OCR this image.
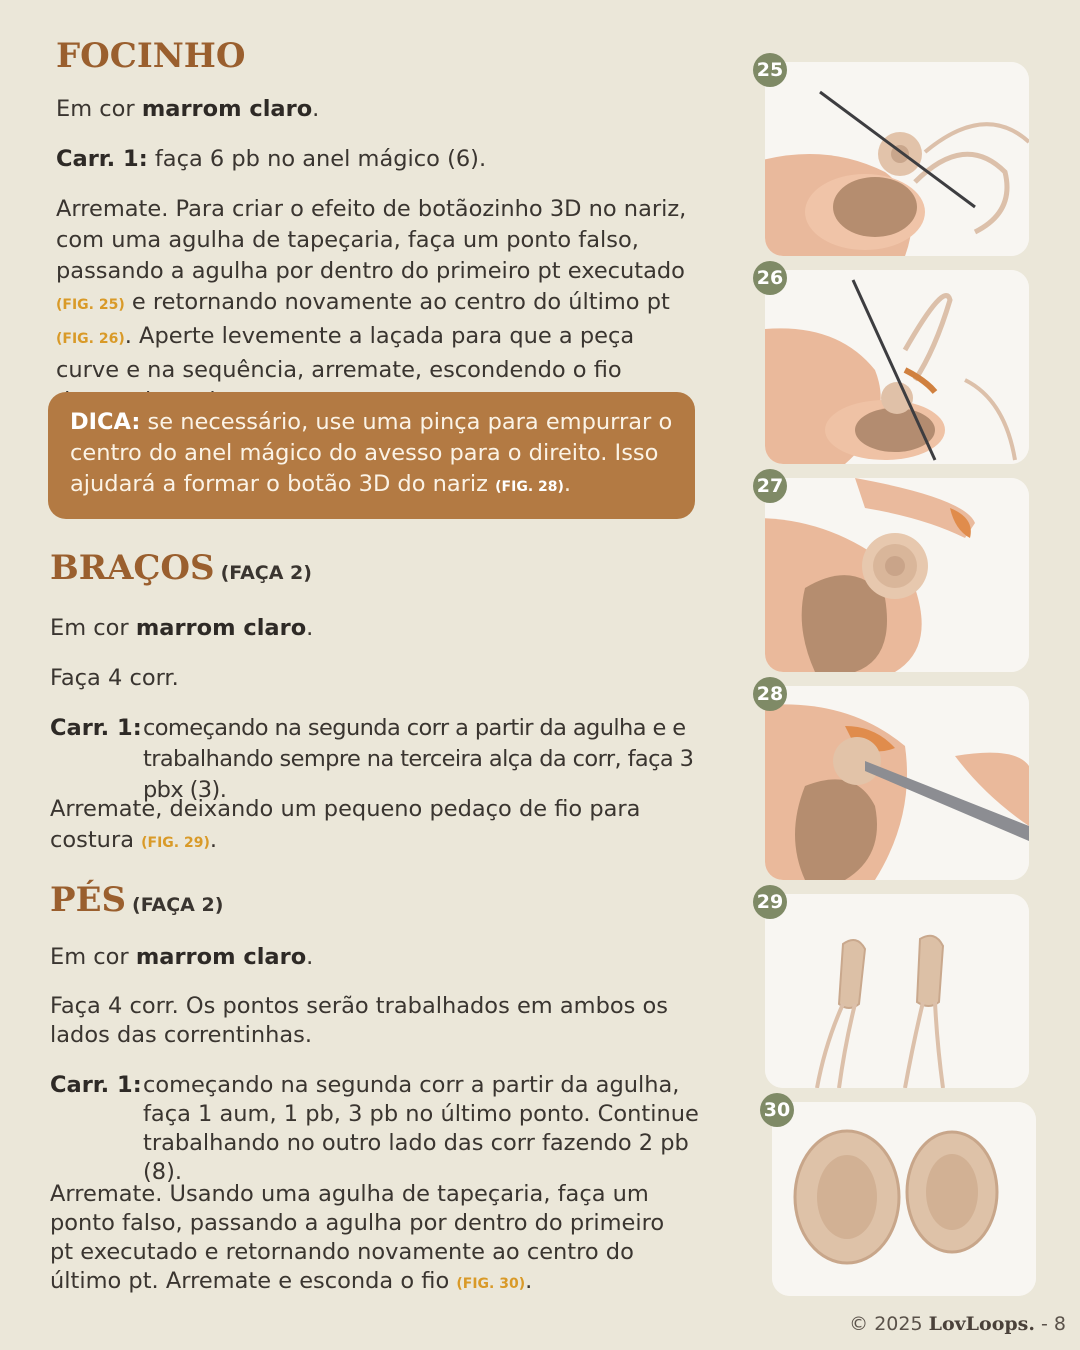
FOCINHO

Em cor marrom claro.

Carr. 1: faça 6 pb no anel mágico (6).

Arremate. Para criar o efeito de botãozinho 3D no nariz, com uma agulha de tapeçaria, faça um ponto falso, passando a agulha por dentro do primeiro pt executado (FIG. 25) e retornando novamente ao centro do último pt (FIG. 26). Aperte levemente a laçada para que a peça curve e na sequência, arremate, escondendo o fio

DICA: se necessário, use uma pinça para empurrar o centro do anel mágico do avesso para o direito. Isso ajudará a formar o botão 3D do nariz (FIG. 28).

BRAÇOS (FAÇA 2)

Em cor marrom claro.

Faça 4 corr.

Carr. 1: começando na segunda corr a partir da agulha e e trabalhando sempre na terceira alça da corr, faça 3 pbx (3).

Arremate, deixando um pequeno pedaço de fio para costura (FIG. 29).

PÉS (FAÇA 2)

Em cor marrom claro.

Faça 4 corr. Os pontos serão trabalhados em ambos os lados das correntinhas.

Carr. 1: começando na segunda corr a partir da agulha, faça 1 aum, 1 pb, 3 pb no último ponto. Continue trabalhando no outro lado das corr fazendo 2 pb (8).

Arremate. Usando uma agulha de tapeçaria, faça um ponto falso, passando a agulha por dentro do primeiro pt executado e retornando novamente ao centro do último pt. Arremate e esconda o fio (FIG. 30).

25
26
27
28
29
30
© 2025 LovLoops. - 8
